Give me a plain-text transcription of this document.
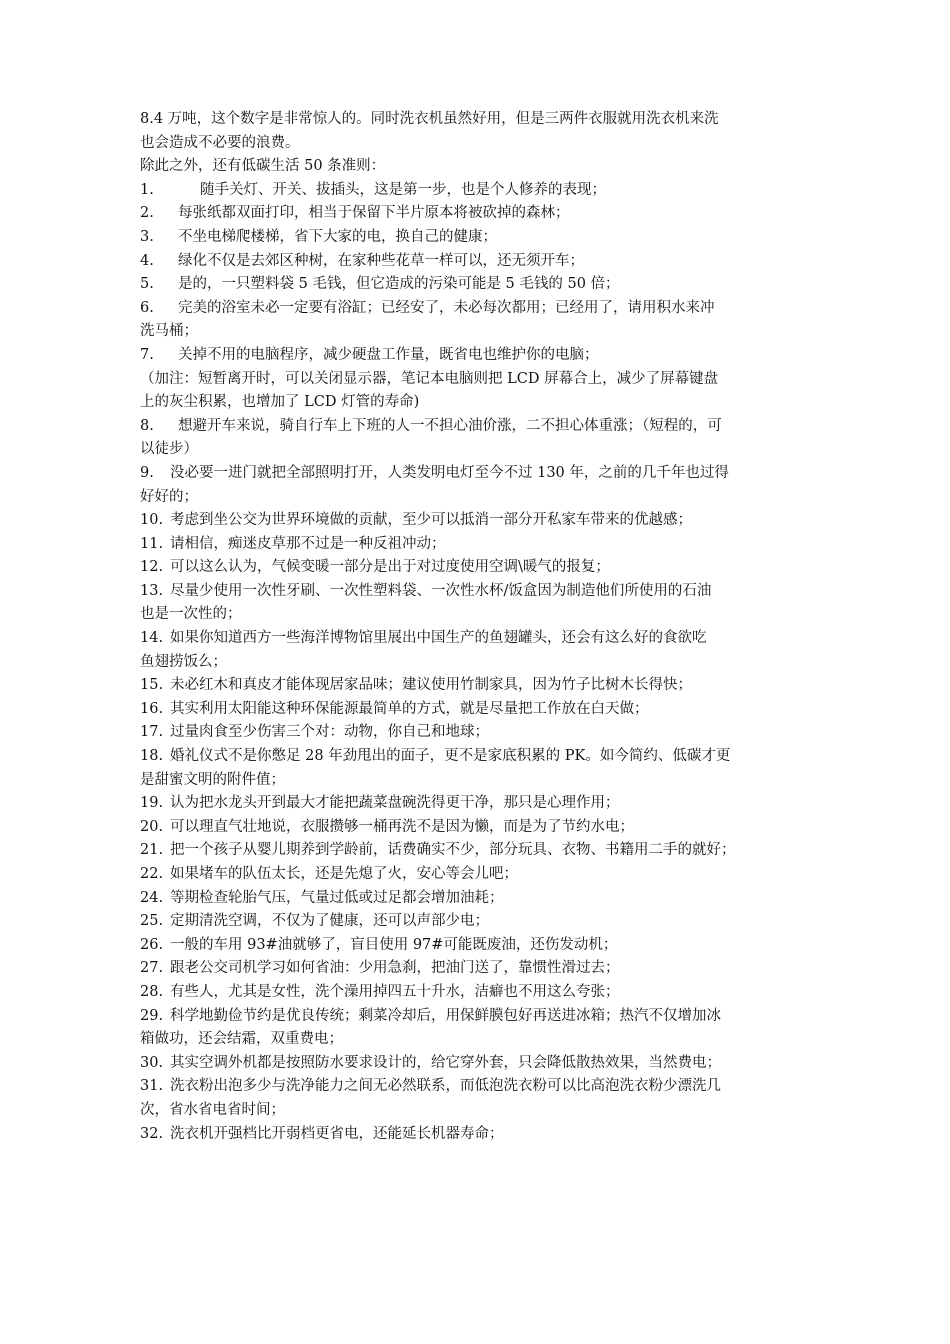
8.4 万吨，这个数字是非常惊人的。同时洗衣机虽然好用，但是三两件衣服就用洗衣机来洗
也会造成不必要的浪费。
除此之外，还有低碳生活 50 条准则：
1.	随手关灯、开关、拔插头，这是第一步，也是个人修养的表现；
2. 每张纸都双面打印，相当于保留下半片原本将被砍掉的森林；
3. 不坐电梯爬楼梯，省下大家的电，换自己的健康；
4. 绿化不仅是去郊区种树，在家种些花草一样可以，还无须开车；
5. 是的，一只塑料袋 5 毛钱，但它造成的污染可能是 5 毛钱的 50 倍；
6. 完美的浴室未必一定要有浴缸；已经安了，未必每次都用；已经用了，请用积水来冲
洗马桶；
7. 关掉不用的电脑程序，减少硬盘工作量，既省电也维护你的电脑；
（加注：短暂离开时，可以关闭显示器，笔记本电脑则把 LCD 屏幕合上，减少了屏幕键盘
上的灰尘积累，也增加了 LCD 灯管的寿命)
8. 想避开车来说，骑自行车上下班的人一不担心油价涨，二不担心体重涨；（短程的，可
以徒步）
9. 没必要一进门就把全部照明打开，人类发明电灯至今不过 130 年，之前的几千年也过得
好好的；
10. 考虑到坐公交为世界环境做的贡献，至少可以抵消一部分开私家车带来的优越感；
11. 请相信，痴迷皮草那不过是一种反祖冲动；
12. 可以这么认为，气候变暖一部分是出于对过度使用空调\暖气的报复；
13. 尽量少使用一次性牙刷、一次性塑料袋、一次性水杯/饭盒因为制造他们所使用的石油
也是一次性的；
14. 如果你知道西方一些海洋博物馆里展出中国生产的鱼翅罐头，还会有这么好的食欲吃
鱼翅捞饭么；
15. 未必红木和真皮才能体现居家品味；建议使用竹制家具，因为竹子比树木长得快；
16. 其实利用太阳能这种环保能源最简单的方式，就是尽量把工作放在白天做；
17. 过量肉食至少伤害三个对：动物，你自己和地球；
18. 婚礼仪式不是你憋足 28 年劲甩出的面子，更不是家底积累的 PK。如今简约、低碳才更
是甜蜜文明的附件值；
19. 认为把水龙头开到最大才能把蔬菜盘碗洗得更干净，那只是心理作用；
20. 可以理直气壮地说，衣服攒够一桶再洗不是因为懒，而是为了节约水电；
21. 把一个孩子从婴儿期养到学龄前，话费确实不少，部分玩具、衣物、书籍用二手的就好；
22. 如果堵车的队伍太长，还是先熄了火，安心等会儿吧；
24. 等期检查轮胎气压，气量过低或过足都会增加油耗；
25. 定期清洗空调，不仅为了健康，还可以声部少电；
26. 一般的车用 93#油就够了，盲目使用 97#可能既废油，还伤发动机；
27. 跟老公交司机学习如何省油：少用急刹，把油门送了，靠惯性滑过去；
28. 有些人，尤其是女性，洗个澡用掉四五十升水，洁癖也不用这么夸张；
29. 科学地勤俭节约是优良传统；剩菜冷却后，用保鲜膜包好再送进冰箱；热汽不仅增加冰
箱做功，还会结霜，双重费电；
30. 其实空调外机都是按照防水要求设计的，给它穿外套，只会降低散热效果，当然费电；
31. 洗衣粉出泡多少与洗净能力之间无必然联系，而低泡洗衣粉可以比高泡洗衣粉少漂洗几
次，省水省电省时间；
32. 洗衣机开强档比开弱档更省电，还能延长机器寿命；
